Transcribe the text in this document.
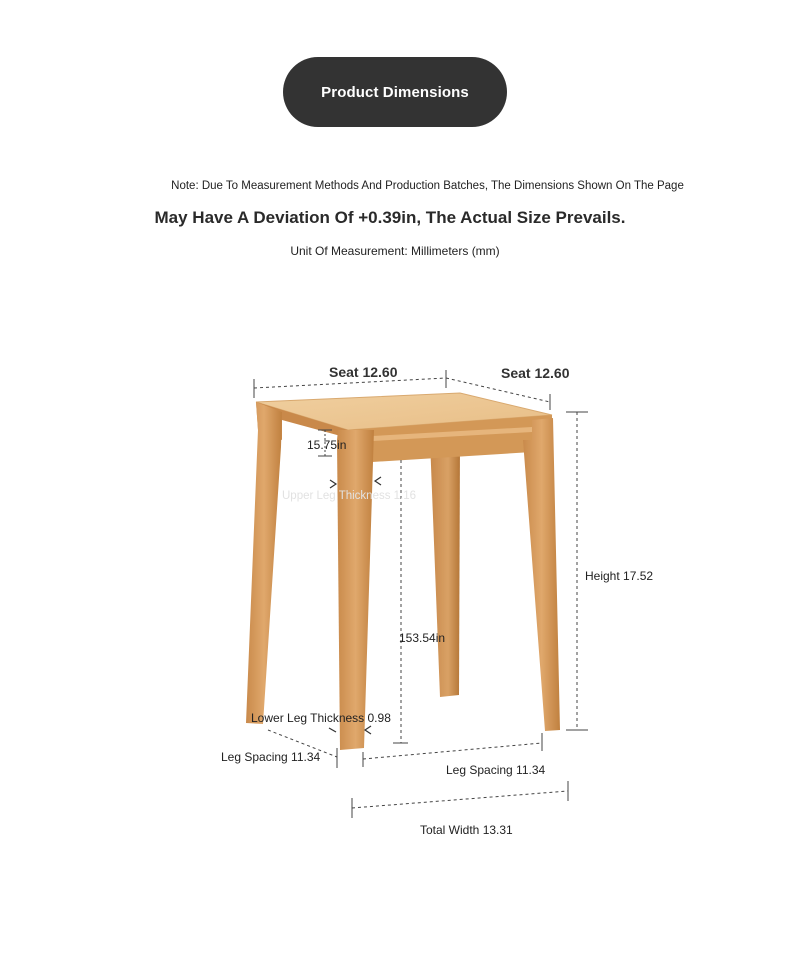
Product Dimensions
Note: Due To Measurement Methods And Production Batches, The Dimensions Shown On The Page
May Have A Deviation Of +0.39in, The Actual Size Prevails.
Unit Of Measurement: Millimeters (mm)
Seat 12.60	Seat 12.60
15.75in
Upper Leg Thickness 1.16
Height 17.52
153.54in
Lower Leg Thickness 0.98
Leg Spacing 11.34
Leg Spacing 11.34
Total Width 13.31
